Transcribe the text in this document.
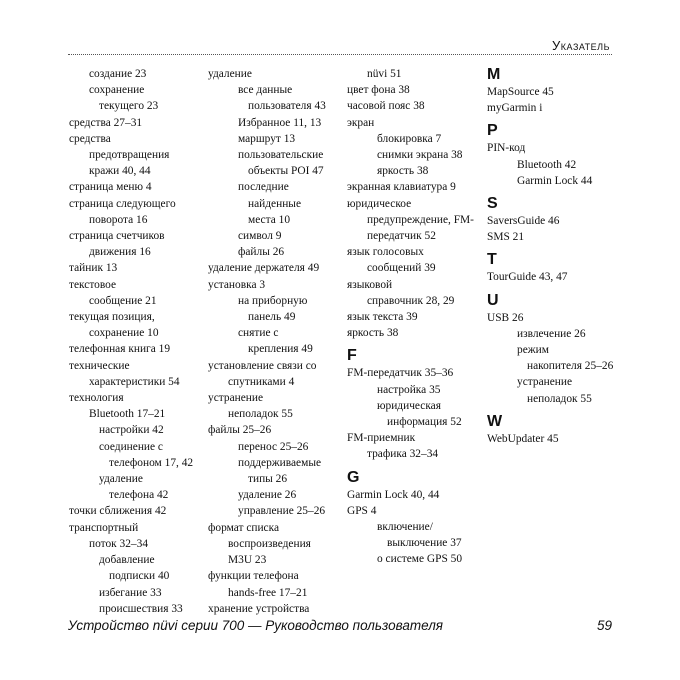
Указатель
создание 23
сохранение
текущего 23
средства 27–31
средства
предотвращения
кражи 40, 44
страница меню 4
страница следующего
поворота 16
страница счетчиков
движения 16
тайник 13
текстовое
сообщение 21
текущая позиция,
сохранение 10
телефонная книга 19
технические
характеристики 54
технология
Bluetooth 17–21
настройки 42
соединение с
телефоном 17, 42
удаление
телефона 42
точки сближения 42
транспортный
поток 32–34
добавление
подписки 40
избегание 33
происшествия 33
удаление
все данные
пользователя 43
Избранное 11, 13
маршрут 13
пользовательские
объекты POI 47
последние
найденные
места 10
символ 9
файлы 26
удаление держателя 49
установка 3
на приборную
панель 49
снятие с
крепления 49
установление связи со
спутниками 4
устранение
неполадок 55
файлы 25–26
перенос 25–26
поддерживаемые
типы 26
удаление 26
управление 25–26
формат списка
воспроизведения
M3U 23
функции телефона
hands-free 17–21
хранение устройства
nüvi 51
цвет фона 38
часовой пояс 38
экран
блокировка 7
снимки экрана 38
яркость 38
экранная клавиатура 9
юридическое
предупреждение, FM-
передатчик 52
язык голосовых
сообщений 39
языковой
справочник 28, 29
язык текста 39
яркость 38
F
FM-передатчик 35–36
настройка 35
юридическая
информация 52
FM-приемник
трафика 32–34
G
Garmin Lock 40, 44
GPS 4
включение/
выключение 37
о системе GPS 50
M
MapSource 45
myGarmin i
P
PIN-код
Bluetooth 42
Garmin Lock 44
S
SaversGuide 46
SMS 21
T
TourGuide 43, 47
U
USB 26
извлечение 26
режим
накопителя 25–26
устранение
неполадок 55
W
WebUpdater 45
Устройство nüvi серии 700 — Руководство пользователя	59
